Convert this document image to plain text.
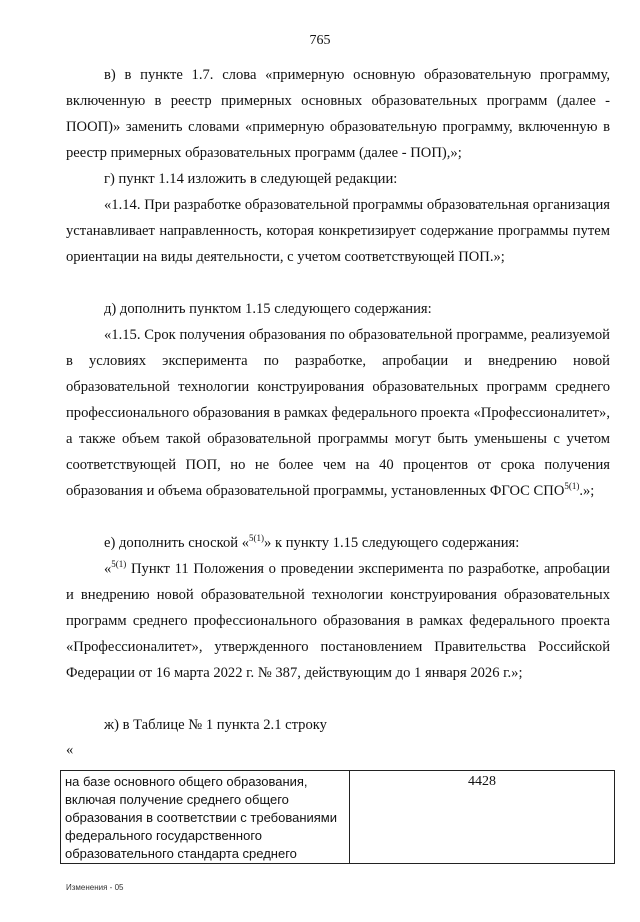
765

в) в пункте 1.7. слова «примерную основную образовательную программу, включенную в реестр примерных основных образовательных программ (далее - ПООП)» заменить словами «примерную образовательную программу, включенную в реестр примерных образовательных программ (далее - ПОП),»;

г) пункт 1.14 изложить в следующей редакции:

«1.14. При разработке образовательной программы образовательная организация устанавливает направленность, которая конкретизирует содержание программы путем ориентации на виды деятельности, с учетом соответствующей ПОП.»;

д) дополнить пунктом 1.15 следующего содержания:

«1.15. Срок получения образования по образовательной программе, реализуемой в условиях эксперимента по разработке, апробации и внедрению новой образовательной технологии конструирования образовательных программ среднего профессионального образования в рамках федерального проекта «Профессионалитет», а также объем такой образовательной программы могут быть уменьшены с учетом соответствующей ПОП, но не более чем на 40 процентов от срока получения образования и объема образовательной программы, установленных ФГОС $СПО^{5(1)}$.»;

е) дополнить сноской «$^{5(1)}$» к пункту 1.15 следующего содержания:

«$^{5(1)}$ Пункт 11 Положения о проведении эксперимента по разработке, апробации и внедрению новой образовательной технологии конструирования образовательных программ среднего профессионального образования в рамках федерального проекта «Профессионалитет», утвержденного постановлением Правительства Российской Федерации от 16 марта 2022 г. № 387, действующим до 1 января 2026 г.»;

ж) в Таблице № 1 пункта 2.1 строку

«
на базе основного общего образования, включая получение среднего общего образования в соответствии с требованиями федерального государственного образовательного стандарта среднего	4428
Изменения - 05
